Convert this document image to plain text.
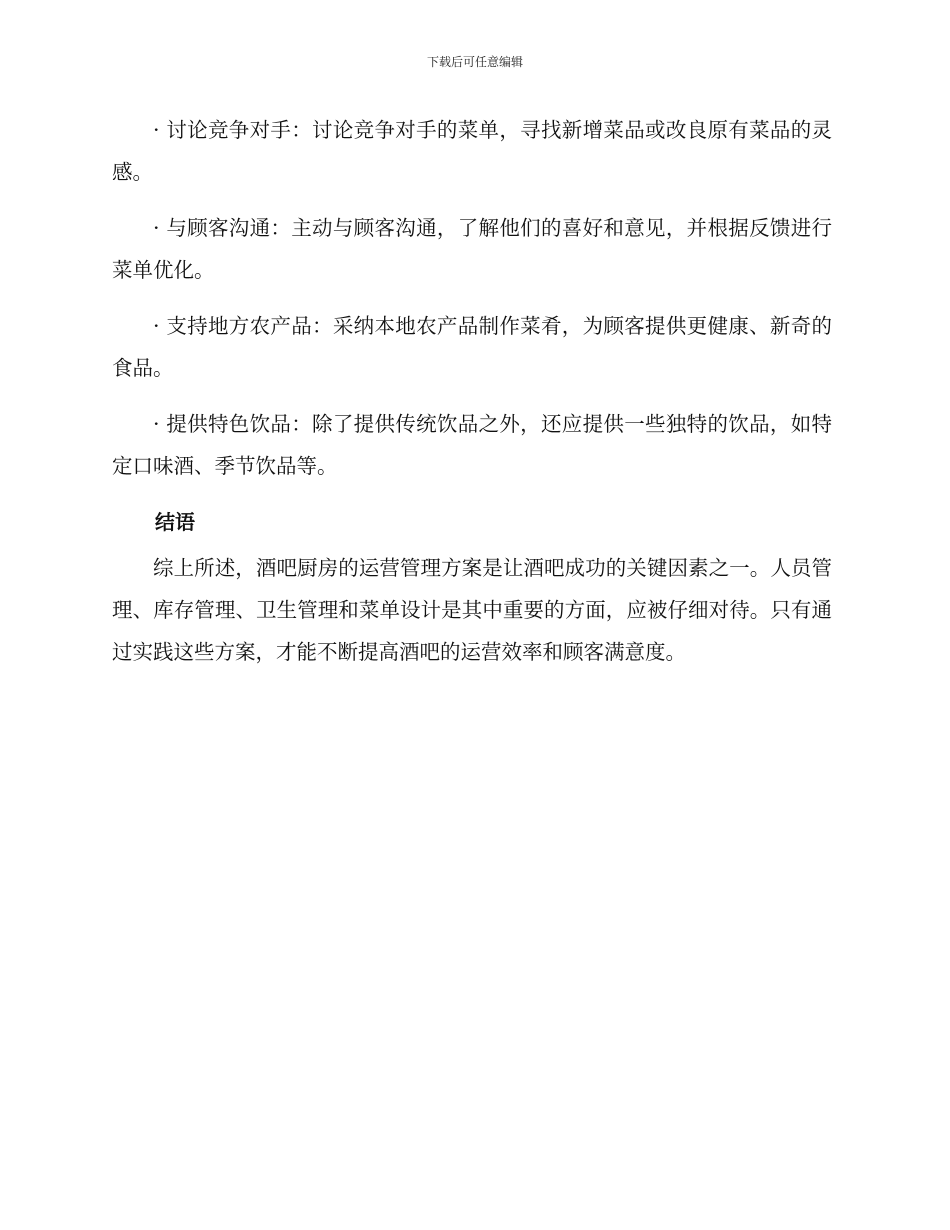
下载后可任意编辑

· 讨论竞争对手：讨论竞争对手的菜单，寻找新增菜品或改良原有菜品的灵感。

· 与顾客沟通：主动与顾客沟通，了解他们的喜好和意见，并根据反馈进行菜单优化。

· 支持地方农产品：采纳本地农产品制作菜肴，为顾客提供更健康、新奇的食品。

· 提供特色饮品：除了提供传统饮品之外，还应提供一些独特的饮品，如特定口味酒、季节饮品等。

结语

综上所述，酒吧厨房的运营管理方案是让酒吧成功的关键因素之一。人员管理、库存管理、卫生管理和菜单设计是其中重要的方面，应被仔细对待。只有通过实践这些方案，才能不断提高酒吧的运营效率和顾客满意度。
